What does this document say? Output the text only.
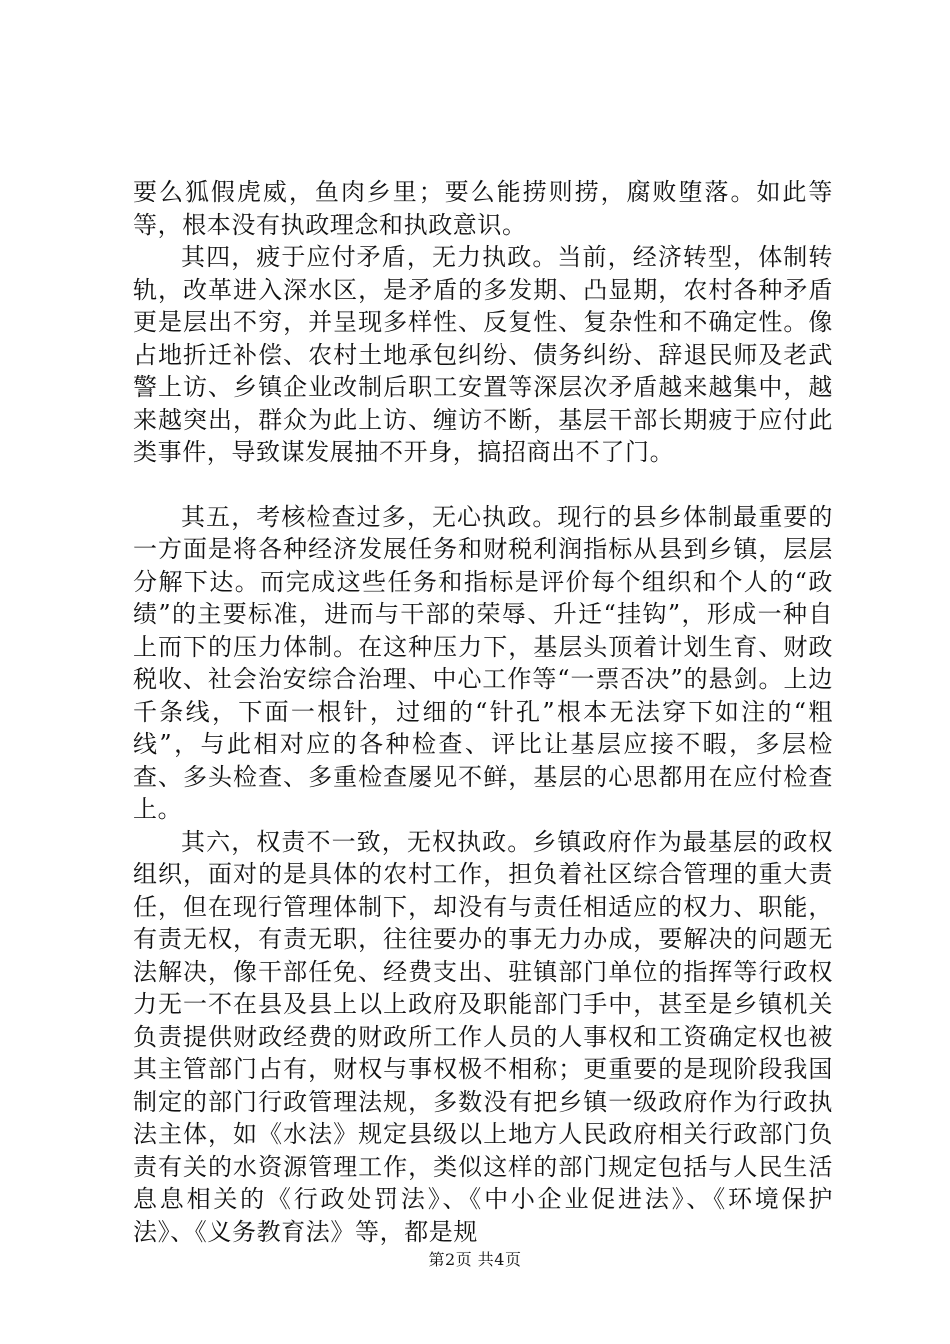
要么狐假虎威，鱼肉乡里；要么能捞则捞，腐败堕落。如此等等，根本没有执政理念和执政意识。

其四，疲于应付矛盾，无力执政。当前，经济转型，体制转轨，改革进入深水区，是矛盾的多发期、凸显期，农村各种矛盾更是层出不穷，并呈现多样性、反复性、复杂性和不确定性。像占地折迁补偿、农村土地承包纠纷、债务纠纷、辞退民师及老武警上访、乡镇企业改制后职工安置等深层次矛盾越来越集中，越来越突出，群众为此上访、缠访不断，基层干部长期疲于应付此类事件，导致谋发展抽不开身，搞招商出不了门。

其五，考核检查过多，无心执政。现行的县乡体制最重要的一方面是将各种经济发展任务和财税利润指标从县到乡镇，层层分解下达。而完成这些任务和指标是评价每个组织和个人的“政绩”的主要标准，进而与干部的荣辱、升迁“挂钩”，形成一种自上而下的压力体制。在这种压力下，基层头顶着计划生育、财政税收、社会治安综合治理、中心工作等“一票否决”的悬剑。上边千条线，下面一根针，过细的“针孔”根本无法穿下如注的“粗线”，与此相对应的各种检查、评比让基层应接不暇，多层检查、多头检查、多重检查屡见不鲜，基层的心思都用在应付检查上。

其六，权责不一致，无权执政。乡镇政府作为最基层的政权组织，面对的是具体的农村工作，担负着社区综合管理的重大责任，但在现行管理体制下，却没有与责任相适应的权力、职能，有责无权，有责无职，往往要办的事无力办成，要解决的问题无法解决，像干部任免、经费支出、驻镇部门单位的指挥等行政权力无一不在县及县上以上政府及职能部门手中，甚至是乡镇机关负责提供财政经费的财政所工作人员的人事权和工资确定权也被其主管部门占有，财权与事权极不相称；更重要的是现阶段我国制定的部门行政管理法规，多数没有把乡镇一级政府作为行政执法主体，如《水法》规定县级以上地方人民政府相关行政部门负责有关的水资源管理工作，类似这样的部门规定包括与人民生活息息相关的《行政处罚法》、《中小企业促进法》、《环境保护法》、《义务教育法》等，都是规

第2页 共4页
